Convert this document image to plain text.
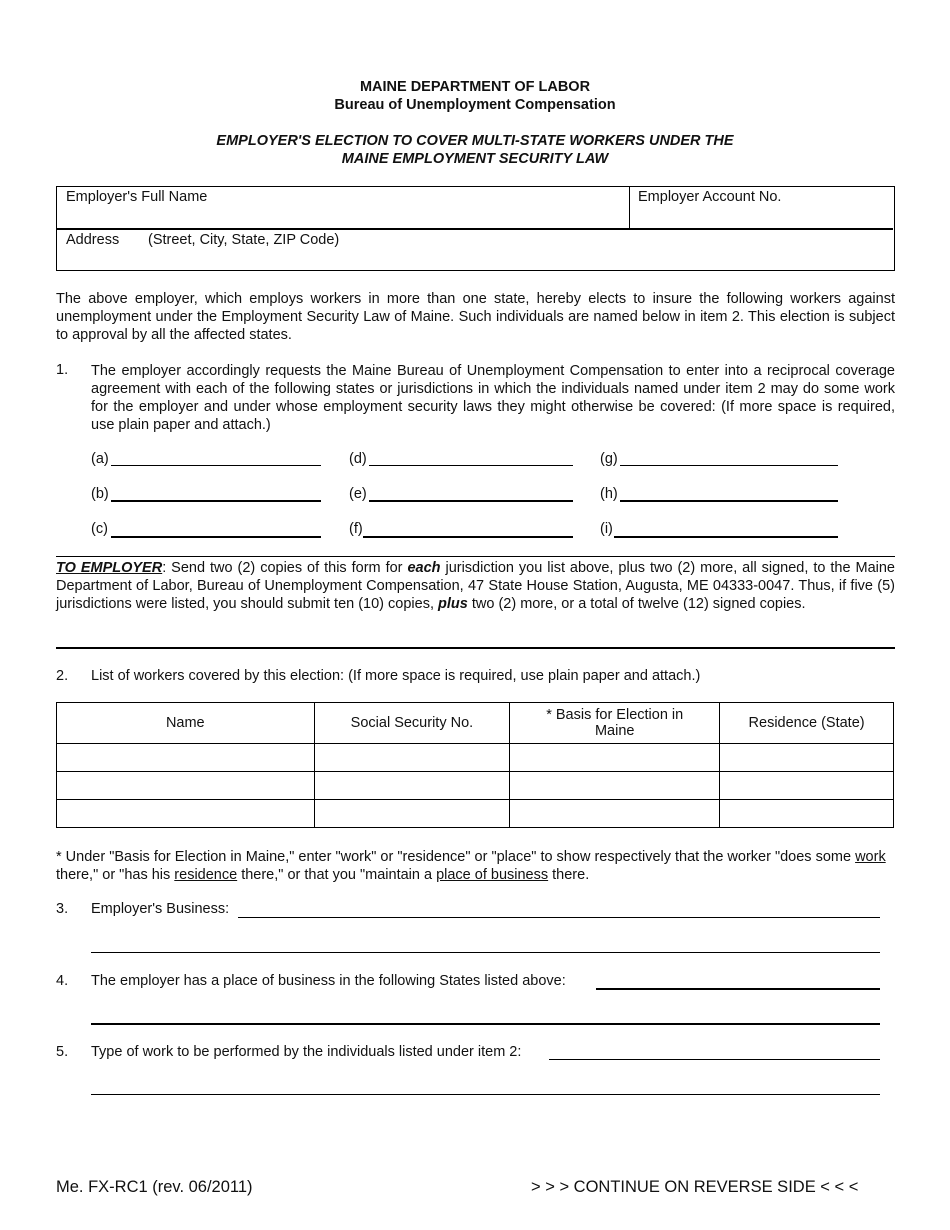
MAINE DEPARTMENT OF LABOR
Bureau of Unemployment Compensation
EMPLOYER'S ELECTION TO COVER MULTI-STATE WORKERS UNDER THE
MAINE EMPLOYMENT SECURITY LAW
Employer's Full Name	Employer Account No.
Address (Street, City, State, ZIP Code)

The above employer, which employs workers in more than one state, hereby elects to insure the following workers against unemployment under the Employment Security Law of Maine. Such individuals are named below in item 2. This election is subject to approval by all the affected states.

1. The employer accordingly requests the Maine Bureau of Unemployment Compensation to enter into a reciprocal coverage agreement with each of the following states or jurisdictions in which the individuals named under item 2 may do some work for the employer and under whose employment security laws they might otherwise be covered: (If more space is required, use plain paper and attach.)

(a)
(b)
(c)
(d)
(e)
(f)
(g)
(h)
(i)

TO EMPLOYER: Send two (2) copies of this form for each jurisdiction you list above, plus two (2) more, all signed, to the Maine Department of Labor, Bureau of Unemployment Compensation, 47 State House Station, Augusta, ME 04333-0047. Thus, if five (5) jurisdictions were listed, you should submit ten (10) copies, plus two (2) more, or a total of twelve (12) signed copies.

2. List of workers covered by this election: (If more space is required, use plain paper and attach.)
Name	Social Security No.	* Basis for Election in Maine	Residence (State)

* Under "Basis for Election in Maine," enter "work" or "residence" or "place" to show respectively that the worker "does some work there," or "has his residence there," or that you "maintain a place of business there.

3. Employer's Business:
4. The employer has a place of business in the following States listed above:
5. Type of work to be performed by the individuals listed under item 2:
Me. FX-RC1 (rev. 06/2011)	> > > CONTINUE ON REVERSE SIDE < < <
